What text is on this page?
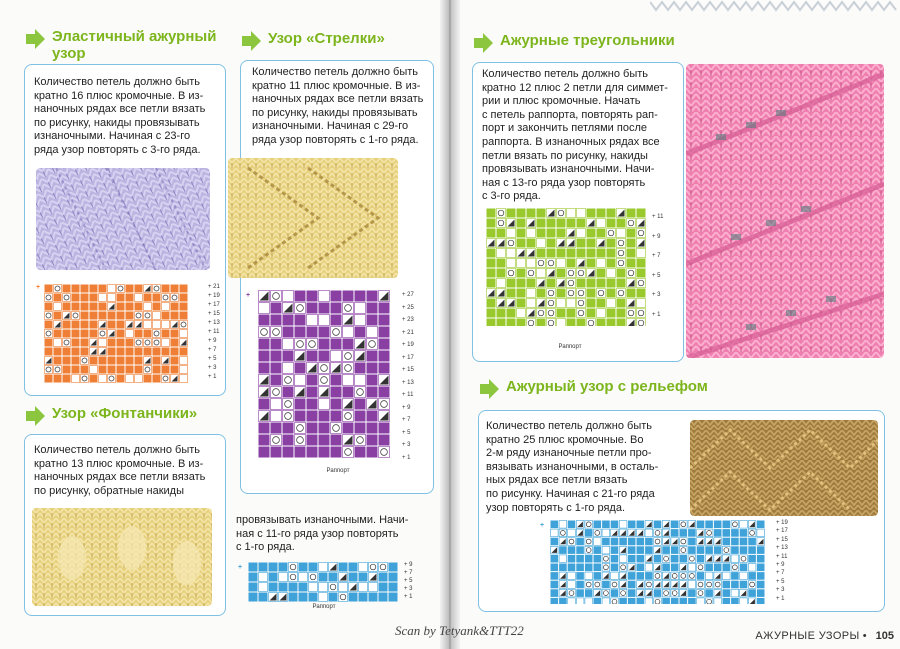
Эластичный ажурный
узор

Количество петель должно быть

кратно 16 плюс кромочные. В из-

наночных рядах все петли вязать

по рисунку, накиды провязывать

изнаночными. Начиная с 23-го

ряда узор повторять с 3-го ряда.

+	+ 21
+ 19
+ 17
+ 15
+ 13
+ 11
+ 9
+ 7
+ 5
+ 3
+ 1
Узор «Фонтанчики»

Количество петель должно быть

кратно 13 плюс кромочные. В из-

наночных рядах все петли вязать

по рисунку, обратные накиды

Узор «Стрелки»

Количество петель должно быть

кратно 11 плюс кромочные. В из-

наночных рядах все петли вязать

по рисунку, накиды провязывать

изнаночными. Начиная с 29-го

ряда узор повторять с 1-го ряда.

+	+ 27
+ 25
+ 23
+ 21
+ 19
+ 17
+ 15
+ 13
+ 11
+ 9
+ 7
+ 5
+ 3
+ 1
Раппорт

провязывать изнаночными. Начи-

ная с 11-го ряда узор повторять

с 1-го ряда.

+	+ 9
+ 7
+ 5
+ 3
+ 1
Раппорт
Ажурные треугольники

Количество петель должно быть

кратно 12 плюс 2 петли для симмет-

рии и плюс кромочные. Начать

с петель раппорта, повторять рап-

порт и закончить петлями после

раппорта. В изнаночных рядах все

петли вязать по рисунку, накиды

провязывать изнаночными. Начи-

ная с 13-го ряда узор повторять

с 3-го ряда.

+ 11
+ 9
+ 7
+ 5
+ 3
+ 1
Раппорт
Ажурный узор с рельефом

Количество петель должно быть

кратно 25 плюс кромочные. Во

2-м ряду изнаночные петли про-

вязывать изнаночными, в осталь-

ных рядах все петли вязать

по рисунку. Начиная с 21-го ряда

узор повторять с 1-го ряда.

+	+ 19
+ 17
+ 15
+ 13
+ 11
+ 9
+ 7
+ 5
+ 3
+ 1
Scan by Tetyank&TTT22	АЖУРНЫЕ УЗОРЫ • 105
